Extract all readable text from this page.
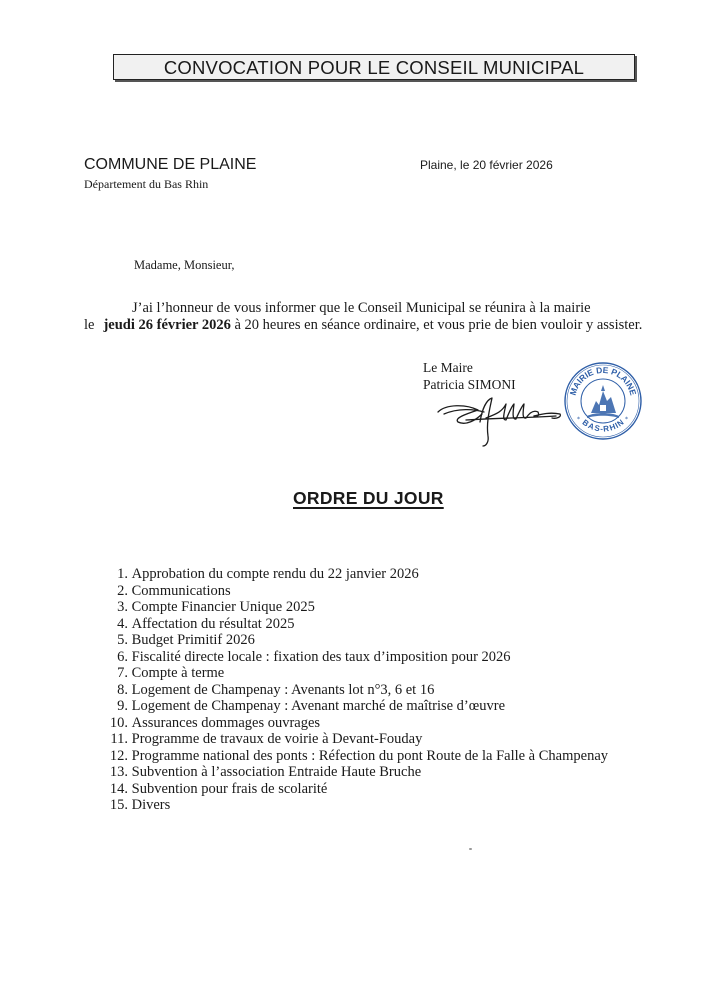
CONVOCATION POUR LE CONSEIL MUNICIPAL
COMMUNE DE PLAINE
Département du Bas Rhin
Plaine, le 20 février 2026
Madame, Monsieur,
J’ai l’honneur de vous informer que le Conseil Municipal se réunira à la mairie
le jeudi 26 février 2026 à 20 heures en séance ordinaire, et vous prie de bien vouloir y assister.
Le Maire
Patricia SIMONI	MAIRIE DE PLAINE
BAS-RHIN
*	*
ORDRE DU JOUR
1. Approbation du compte rendu du 22 janvier 2026
2. Communications
3. Compte Financier Unique 2025
4. Affectation du résultat 2025
5. Budget Primitif 2026
6. Fiscalité directe locale : fixation des taux d’imposition pour 2026
7. Compte à terme
8. Logement de Champenay : Avenants lot n°3, 6 et 16
9. Logement de Champenay : Avenant marché de maîtrise d’œuvre
10. Assurances dommages ouvrages
11. Programme de travaux de voirie à Devant-Fouday
12. Programme national des ponts : Réfection du pont Route de la Falle à Champenay
13. Subvention à l’association Entraide Haute Bruche
14. Subvention pour frais de scolarité
15. Divers
